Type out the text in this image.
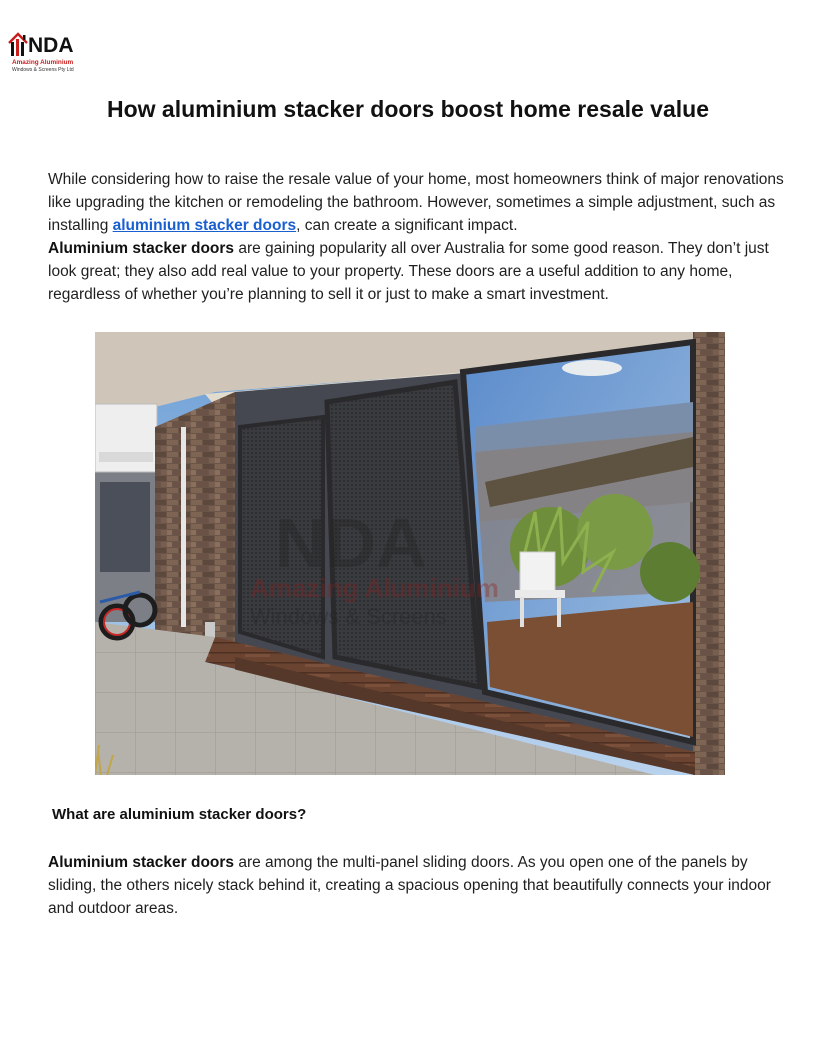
NDA
Amazing Aluminium
Windows & Screens Pty Ltd
How aluminium stacker doors boost home resale value

While considering how to raise the resale value of your home, most homeowners think of major renovations like upgrading the kitchen or remodeling the bathroom. However, sometimes a simple adjustment, such as installing aluminium stacker doors, can create a significant impact.

Aluminium stacker doors are gaining popularity all over Australia for some good reason. They don’t just look great; they also add real value to your property. These doors are a useful addition to any home, regardless of whether you’re planning to sell it or just to make a smart investment.

NDA
Amazing Aluminium
Windows & Screens
What are aluminium stacker doors?

Aluminium stacker doors are among the multi-panel sliding doors. As you open one of the panels by sliding, the others nicely stack behind it, creating a spacious opening that beautifully connects your indoor and outdoor areas.
